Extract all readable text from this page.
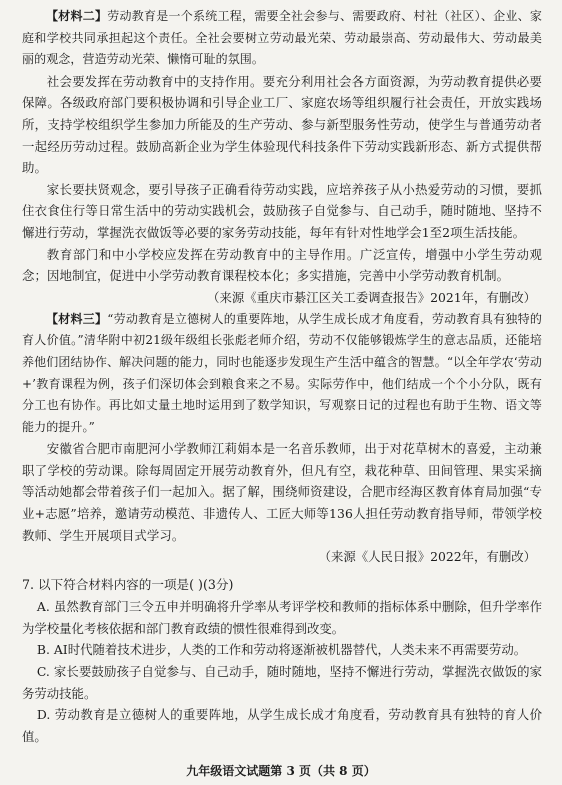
【材料二】劳动教育是一个系统工程，需要全社会参与、需要政府、村社（社区）、企业、家庭和学校共同承担起这个责任。全社会要树立劳动最光荣、劳动最崇高、劳动最伟大、劳动最美丽的观念，营造劳动光荣、懒惰可耻的氛围。

社会要发挥在劳动教育中的支持作用。要充分利用社会各方面资源，为劳动教育提供必要保障。各级政府部门要积极协调和引导企业工厂、家庭农场等组织履行社会责任，开放实践场所，支持学校组织学生参加力所能及的生产劳动、参与新型服务性劳动，使学生与普通劳动者一起经历劳动过程。鼓励高新企业为学生体验现代科技条件下劳动实践新形态、新方式提供帮助。

家长要扶贤观念，要引导孩子正确看待劳动实践，应培养孩子从小热爱劳动的习惯，要抓住衣食住行等日常生活中的劳动实践机会，鼓励孩子自觉参与、自己动手，随时随地、坚持不懈进行劳动，掌握洗衣做饭等必要的家务劳动技能，每年有针对性地学会1至2项生活技能。

教育部门和中小学校应发挥在劳动教育中的主导作用。广泛宣传，增强中小学生劳动观念；因地制宜，促进中小学劳动教育课程校本化；多实措施，完善中小学劳动教育机制。

（来源《重庆市綦江区关工委调查报告》2021年，有删改）

【材料三】“劳动教育是立德树人的重要阵地，从学生成长成才角度看，劳动教育具有独特的育人价值。”清华附中初21级年级组长张彪老师介绍，劳动不仅能够锻炼学生的意志品质，还能培养他们团结协作、解决问题的能力，同时也能逐步发现生产生活中蕴含的智慧。“以全年学农‘劳动+’教育课程为例，孩子们深切体会到粮食来之不易。实际劳作中，他们结成一个个小分队，既有分工也有协作。再比如丈量土地时运用到了数学知识，写观察日记的过程也有助于生物、语文等能力的提升。”

安徽省合肥市南肥河小学教师江莉娟本是一名音乐教师，出于对花草树木的喜爱，主动兼职了学校的劳动课。除每周固定开展劳动教育外，但凡有空，栽花种草、田间管理、果实采摘等活动她都会带着孩子们一起加入。据了解，围绕师资建设，合肥市经海区教育体育局加强“专业+志愿”培养，邀请劳动模范、非遗传人、工匠大师等136人担任劳动教育指导师，带领学校教师、学生开展项目式学习。

（来源《人民日报》2022年，有删改）

7. 以下符合材料内容的一项是( )(3分)

A. 虽然教育部门三令五申并明确将升学率从考评学校和教师的指标体系中删除，但升学率作为学校量化考核依据和部门教育政绩的惯性很难得到改变。

B. AI时代随着技术进步，人类的工作和劳动将逐渐被机器替代，人类未来不再需要劳动。

C. 家长要鼓励孩子自觉参与、自己动手，随时随地，坚持不懈进行劳动，掌握洗衣做饭的家务劳动技能。

D. 劳动教育是立德树人的重要阵地，从学生成长成才角度看，劳动教育具有独特的育人价值。

九年级语文试题第 3 页（共 8 页）
